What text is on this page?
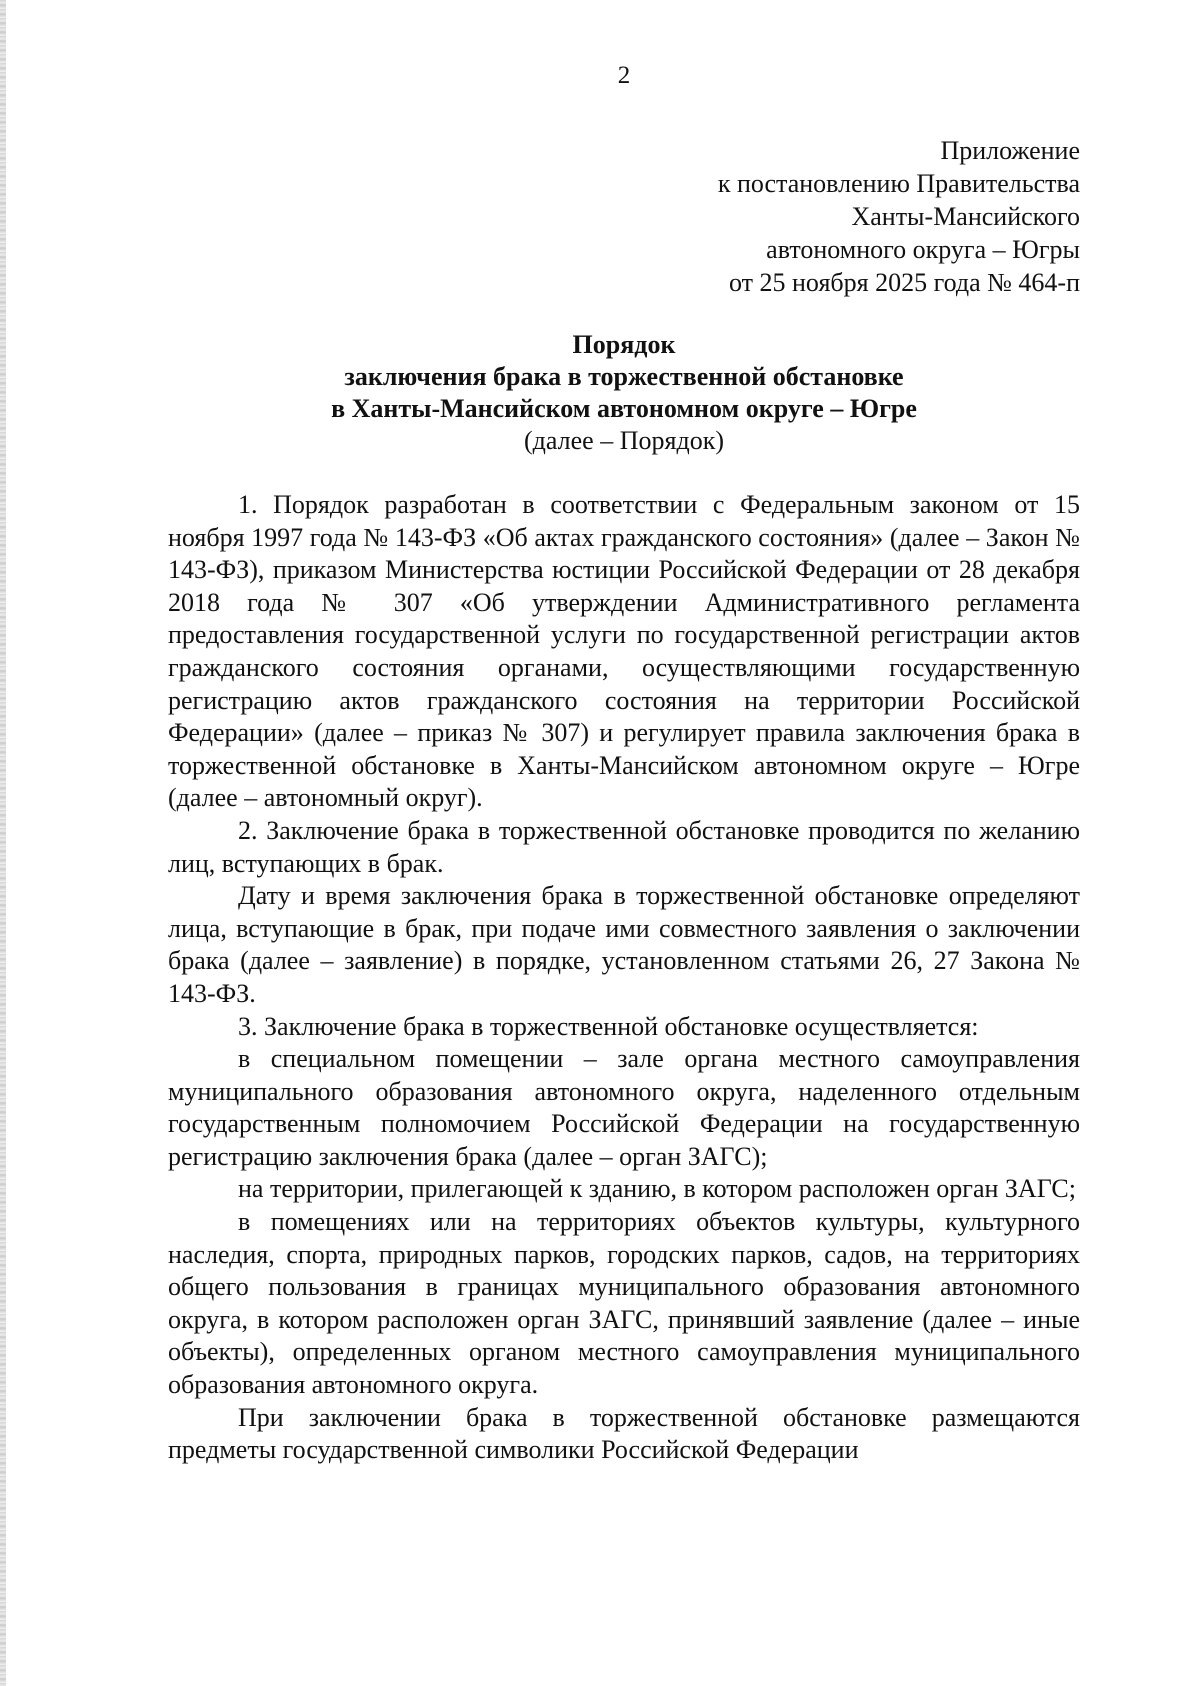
2
Приложение
к постановлению Правительства
Ханты-Мансийского
автономного округа – Югры
от 25 ноября 2025 года № 464-п
Порядок
заключения брака в торжественной обстановке
в Ханты-Мансийском автономном округе – Югре
(далее – Порядок)

1. Порядок разработан в соответствии с Федеральным законом от 15 ноября 1997 года № 143-ФЗ «Об актах гражданского состояния» (далее – Закон № 143-ФЗ), приказом Министерства юстиции Российской Федерации от 28 декабря 2018 года № 307 «Об утверждении Административного регламента предоставления государственной услуги по государственной регистрации актов гражданского состояния органами, осуществляющими государственную регистрацию актов гражданского состояния на территории Российской Федерации» (далее – приказ № 307) и регулирует правила заключения брака в торжественной обстановке в Ханты-Мансийском автономном округе – Югре (далее – автономный округ).

2. Заключение брака в торжественной обстановке проводится по желанию лиц, вступающих в брак.

Дату и время заключения брака в торжественной обстановке определяют лица, вступающие в брак, при подаче ими совместного заявления о заключении брака (далее – заявление) в порядке, установленном статьями 26, 27 Закона № 143-ФЗ.

3. Заключение брака в торжественной обстановке осуществляется:

в специальном помещении – зале органа местного самоуправления муниципального образования автономного округа, наделенного отдельным государственным полномочием Российской Федерации на государственную регистрацию заключения брака (далее – орган ЗАГС);

на территории, прилегающей к зданию, в котором расположен орган ЗАГС;

в помещениях или на территориях объектов культуры, культурного наследия, спорта, природных парков, городских парков, садов, на территориях общего пользования в границах муниципального образования автономного округа, в котором расположен орган ЗАГС, принявший заявление (далее – иные объекты), определенных органом местного самоуправления муниципального образования автономного округа.

При заключении брака в торжественной обстановке размещаются предметы государственной символики Российской Федерации
